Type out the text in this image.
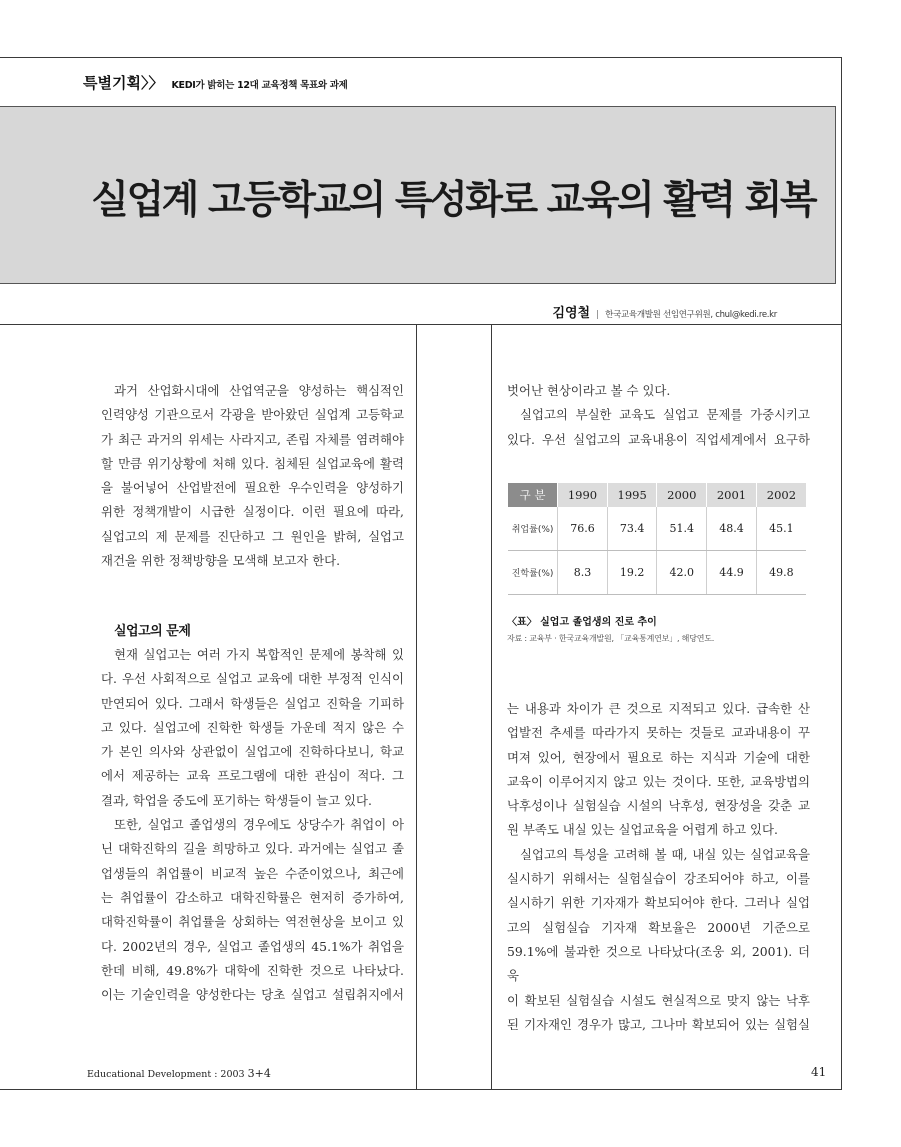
특별기획〉〉 KEDI가 밝히는 12대 교육정책 목표와 과제
실업계 고등학교의 특성화로 교육의 활력 회복
김영철 | 한국교육개발원 선임연구위원, chul@kedi.re.kr

과거 산업화시대에 산업역군을 양성하는 핵심적인

인력양성 기관으로서 각광을 받아왔던 실업계 고등학교

가 최근 과거의 위세는 사라지고, 존립 자체를 염려해야

할 만큼 위기상황에 처해 있다. 침체된 실업교육에 활력

을 불어넣어 산업발전에 필요한 우수인력을 양성하기

위한 정책개발이 시급한 실정이다. 이런 필요에 따라,

실업고의 제 문제를 진단하고 그 원인을 밝혀, 실업고

재건을 위한 정책방향을 모색해 보고자 한다.

실업고의 문제

현재 실업고는 여러 가지 복합적인 문제에 봉착해 있

다. 우선 사회적으로 실업고 교육에 대한 부정적 인식이

만연되어 있다. 그래서 학생들은 실업고 진학을 기피하

고 있다. 실업고에 진학한 학생들 가운데 적지 않은 수

가 본인 의사와 상관없이 실업고에 진학하다보니, 학교

에서 제공하는 교육 프로그램에 대한 관심이 적다. 그

결과, 학업을 중도에 포기하는 학생들이 늘고 있다.

또한, 실업고 졸업생의 경우에도 상당수가 취업이 아

닌 대학진학의 길을 희망하고 있다. 과거에는 실업고 졸

업생들의 취업률이 비교적 높은 수준이었으나, 최근에

는 취업률이 감소하고 대학진학률은 현저히 증가하여,

대학진학률이 취업률을 상회하는 역전현상을 보이고 있

다. 2002년의 경우, 실업고 졸업생의 45.1%가 취업을

한데 비해, 49.8%가 대학에 진학한 것으로 나타났다.

이는 기술인력을 양성한다는 당초 실업고 설립취지에서

벗어난 현상이라고 볼 수 있다.

실업고의 부실한 교육도 실업고 문제를 가중시키고

있다. 우선 실업고의 교육내용이 직업세계에서 요구하

구 분	1990	1995	2000	2001	2002
취업률(%)	76.6	73.4	51.4	48.4	45.1
진학률(%)	8.3	19.2	42.0	44.9	49.8
〈표〉 실업고 졸업생의 진로 추이
자료 : 교육부 · 한국교육개발원, 「교육통계연보」, 해당연도.

는 내용과 차이가 큰 것으로 지적되고 있다. 급속한 산

업발전 추세를 따라가지 못하는 것들로 교과내용이 꾸

며져 있어, 현장에서 필요로 하는 지식과 기술에 대한

교육이 이루어지지 않고 있는 것이다. 또한, 교육방법의

낙후성이나 실험실습 시설의 낙후성, 현장성을 갖춘 교

원 부족도 내실 있는 실업교육을 어렵게 하고 있다.

실업고의 특성을 고려해 볼 때, 내실 있는 실업교육을

실시하기 위해서는 실험실습이 강조되어야 하고, 이를

실시하기 위한 기자재가 확보되어야 한다. 그러나 실업

고의 실험실습 기자재 확보율은 2000년 기준으로

59.1%에 불과한 것으로 나타났다(조웅 외, 2001). 더욱

이 확보된 실험실습 시설도 현실적으로 맞지 않는 낙후

된 기자재인 경우가 많고, 그나마 확보되어 있는 실험실

Educational Development : 2003 3+4	41
